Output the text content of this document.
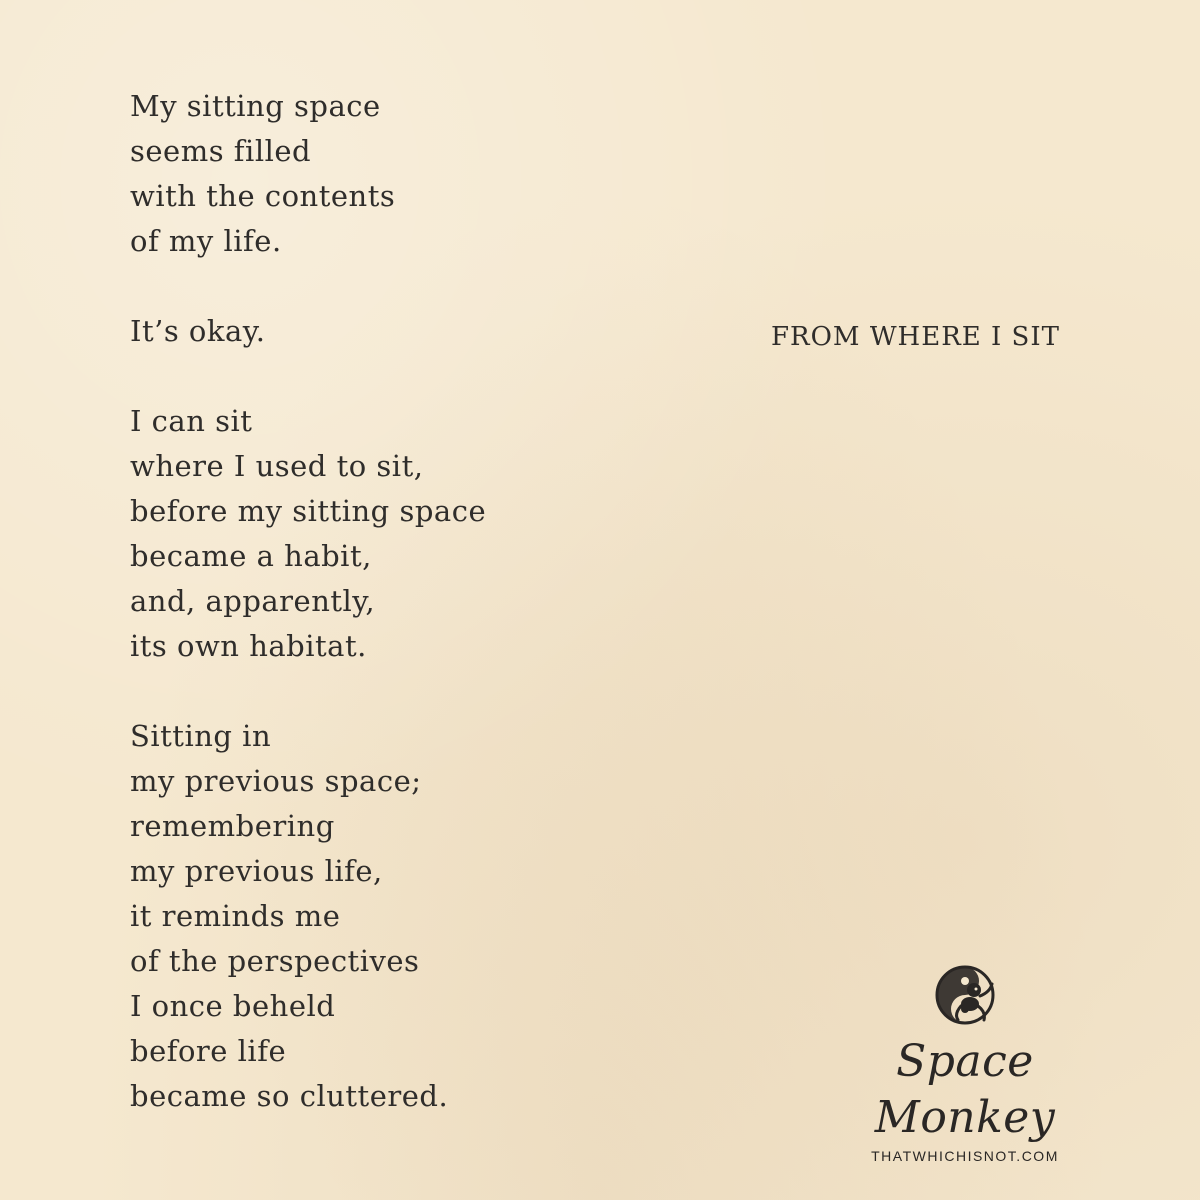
My sitting space
seems filled
with the contents
of my life.
It’s okay.
I can sit
where I used to sit,
before my sitting space
became a habit,
and, apparently,
its own habitat.
Sitting in
my previous space;
remembering
my previous life,
it reminds me
of the perspectives
I once beheld
before life
became so cluttered.
FROM WHERE I SIT
Space Monkey
THATWHICHISNOT.COM
